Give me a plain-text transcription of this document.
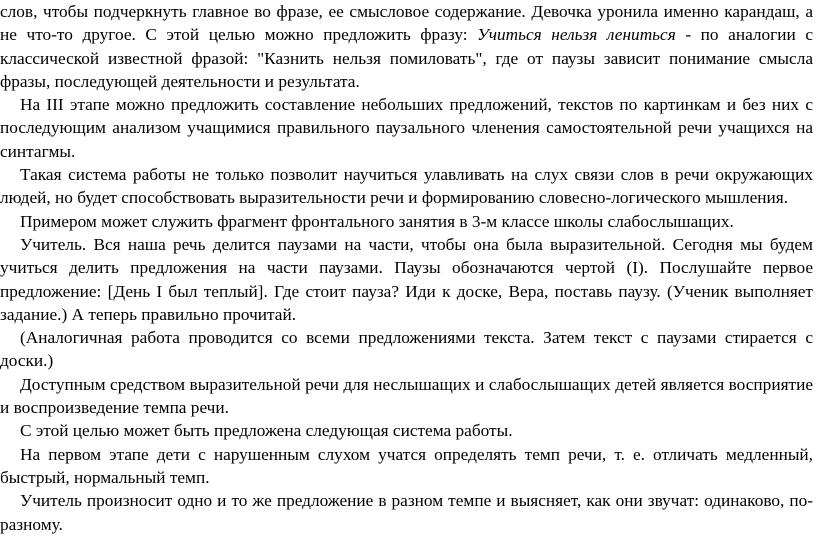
слов, чтобы подчеркнуть главное во фразе, ее смысловое содержание. Девочка уронила именно карандаш, а не что-то другое. С этой целью можно предложить фразу: Учиться нельзя лениться - по аналогии с классической известной фразой: "Казнить нельзя помиловать", где от паузы зависит понимание смысла фразы, последующей деятельности и результата.

На III этапе можно предложить составление небольших предложений, текстов по картинкам и без них с последующим анализом учащимися правильного паузального членения самостоятельной речи учащихся на синтагмы.

Такая система работы не только позволит научиться улавливать на слух связи слов в речи окружающих людей, но будет способствовать выразительности речи и формированию словесно-логического мышления.

Примером может служить фрагмент фронтального занятия в 3-м классе школы слабослышащих.

Учитель. Вся наша речь делится паузами на части, чтобы она была выразительной. Сегодня мы будем учиться делить предложения на части паузами. Паузы обозначаются чертой (I). Послушайте первое предложение: [День I был теплый]. Где стоит пауза? Иди к доске, Вера, поставь паузу. (Ученик выполняет задание.) А теперь правильно прочитай.

(Аналогичная работа проводится со всеми предложениями текста. Затем текст с паузами стирается с доски.)

Доступным средством выразительной речи для неслышащих и слабослышащих детей является восприятие и воспроизведение темпа речи.

С этой целью может быть предложена следующая система работы.

На первом этапе дети с нарушенным слухом учатся определять темп речи, т. е. отличать медленный, быстрый, нормальный темп.

Учитель произносит одно и то же предложение в разном темпе и выясняет, как они звучат: одинаково, по-разному.
